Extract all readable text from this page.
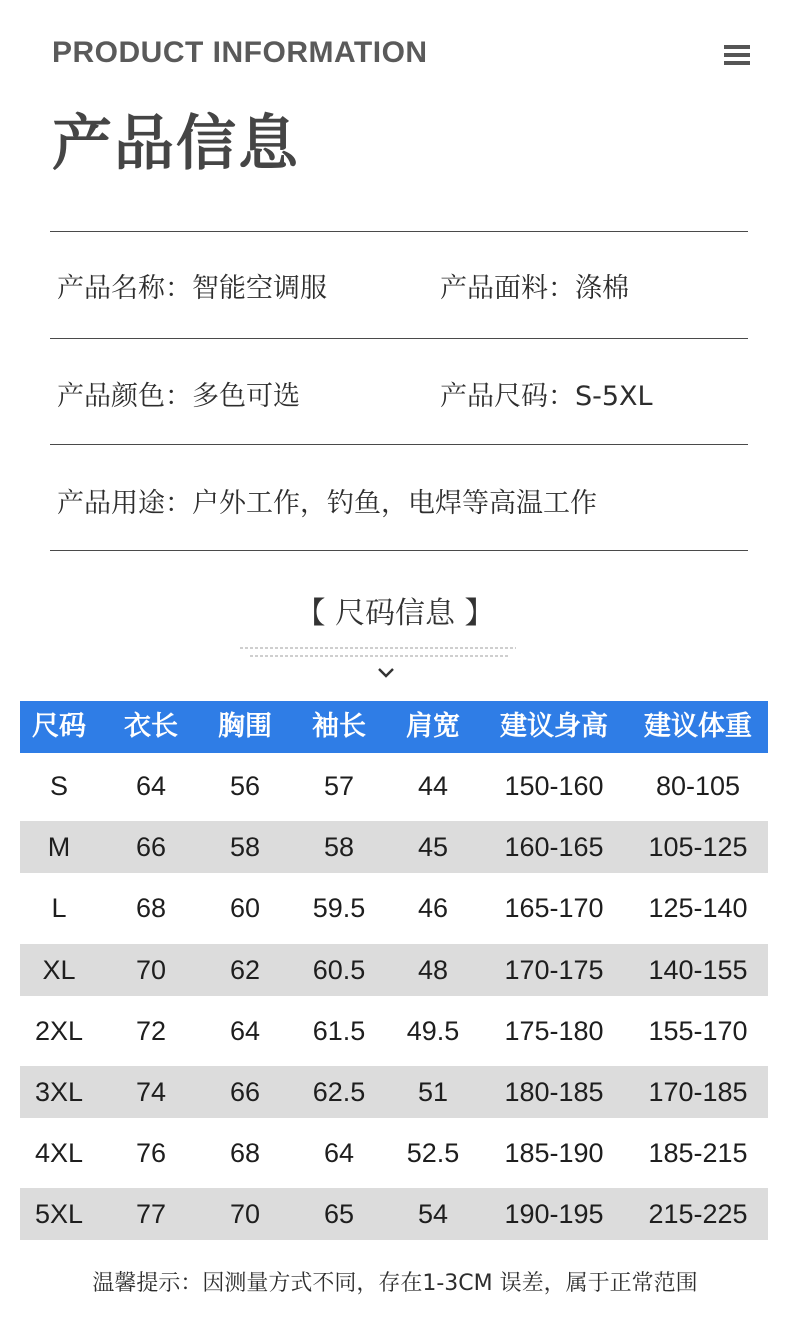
PRODUCT INFORMATION
产品信息
产品名称：智能空调服	产品面料：涤棉
产品颜色：多色可选	产品尺码：S-5XL
产品用途：户外工作，钓鱼，电焊等高温工作
【 尺码信息 】
尺码	衣长	胸围	袖长	肩宽	建议身高	建议体重
S	64	56	57	44	150-160	80-105
M	66	58	58	45	160-165	105-125
L	68	60	59.5	46	165-170	125-140
XL	70	62	60.5	48	170-175	140-155
2XL	72	64	61.5	49.5	175-180	155-170
3XL	74	66	62.5	51	180-185	170-185
4XL	76	68	64	52.5	185-190	185-215
5XL	77	70	65	54	190-195	215-225
温馨提示：因测量方式不同，存在1-3CM 误差，属于正常范围
